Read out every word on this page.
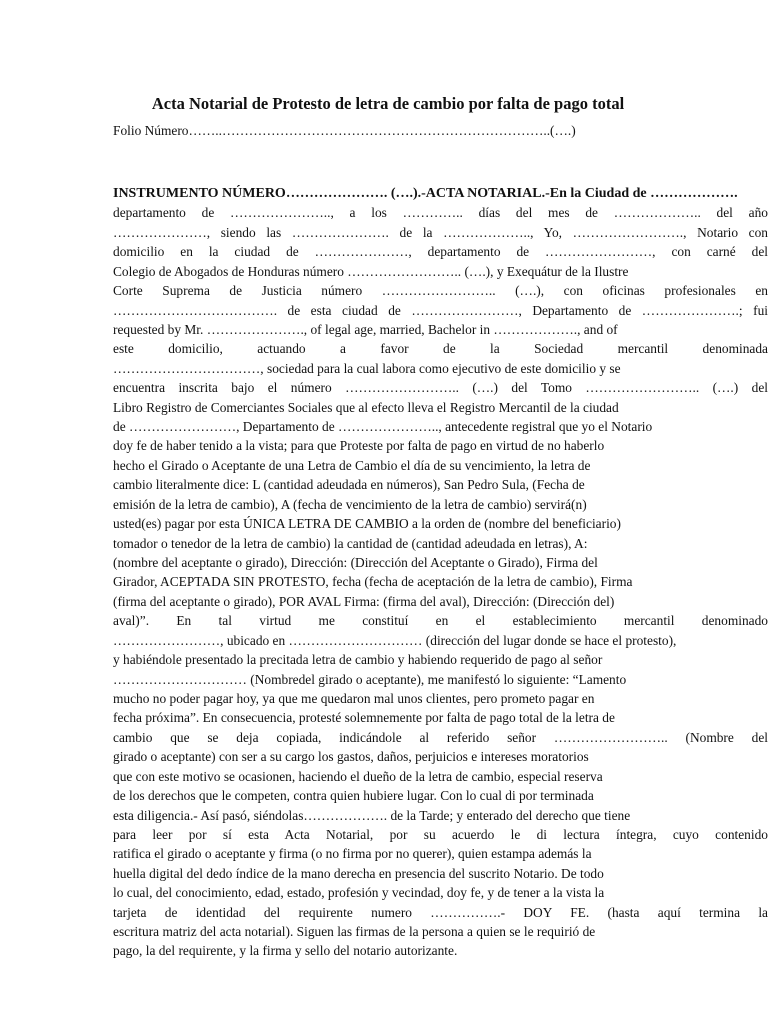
Acta Notarial de Protesto de letra de cambio por falta de pago total
Folio Número……..………………………………………………………………..(….)
INSTRUMENTO NÚMERO…………………. (….).-ACTA NOTARIAL.-En la Ciudad de ……………….
departamento de ………………….., a los ………….. días del mes de ……………….. del año
…………………, siendo las …………………. de la ……………….., Yo, ……………………., Notario con
domicilio en la ciudad de …………………, departamento de ……………………, con carné del
Colegio de Abogados de Honduras número …………………….. (….), y Exequátur de la Ilustre
Corte Suprema de Justicia número …………………….. (….), con oficinas profesionales en
………………………………. de esta ciudad de ……………………, Departamento de ………………….; fui
requested by Mr. …………………., of legal age, married, Bachelor in ………………., and of
este domicilio, actuando a favor de la Sociedad mercantil denominada
……………………………, sociedad para la cual labora como ejecutivo de este domicilio y se
encuentra inscrita bajo el número …………………….. (….) del Tomo …………………….. (….) del
Libro Registro de Comerciantes Sociales que al efecto lleva el Registro Mercantil de la ciudad
de ……………………, Departamento de ………………….., antecedente registral que yo el Notario
doy fe de haber tenido a la vista; para que Proteste por falta de pago en virtud de no haberlo
hecho el Girado o Aceptante de una Letra de Cambio el día de su vencimiento, la letra de
cambio literalmente dice: L (cantidad adeudada en números), San Pedro Sula, (Fecha de
emisión de la letra de cambio), A (fecha de vencimiento de la letra de cambio) servirá(n)
usted(es) pagar por esta ÚNICA LETRA DE CAMBIO a la orden de (nombre del beneficiario)
tomador o tenedor de la letra de cambio) la cantidad de (cantidad adeudada en letras), A:
(nombre del aceptante o girado), Dirección: (Dirección del Aceptante o Girado), Firma del
Girador, ACEPTADA SIN PROTESTO, fecha (fecha de aceptación de la letra de cambio), Firma
(firma del aceptante o girado), POR AVAL Firma: (firma del aval), Dirección: (Dirección del)
aval)”. En tal virtud me constituí en el establecimiento mercantil denominado
……………………, ubicado en ………………………… (dirección del lugar donde se hace el protesto),
y habiéndole presentado la precitada letra de cambio y habiendo requerido de pago al señor
………………………… (Nombredel girado o aceptante), me manifestó lo siguiente: “Lamento
mucho no poder pagar hoy, ya que me quedaron mal unos clientes, pero prometo pagar en
fecha próxima”. En consecuencia, protesté solemnemente por falta de pago total de la letra de
cambio que se deja copiada, indicándole al referido señor …………………….. (Nombre del
girado o aceptante) con ser a su cargo los gastos, daños, perjuicios e intereses moratorios
que con este motivo se ocasionen, haciendo el dueño de la letra de cambio, especial reserva
de los derechos que le competen, contra quien hubiere lugar. Con lo cual di por terminada
esta diligencia.- Así pasó, siéndolas………………. de la Tarde; y enterado del derecho que tiene
para leer por sí esta Acta Notarial, por su acuerdo le di lectura íntegra, cuyo contenido
ratifica el girado o aceptante y firma (o no firma por no querer), quien estampa además la
huella digital del dedo índice de la mano derecha en presencia del suscrito Notario. De todo
lo cual, del conocimiento, edad, estado, profesión y vecindad, doy fe, y de tener a la vista la
tarjeta de identidad del requirente numero …………….- DOY FE. (hasta aquí termina la
escritura matriz del acta notarial). Siguen las firmas de la persona a quien se le requirió de
pago, la del requirente, y la firma y sello del notario autorizante.
